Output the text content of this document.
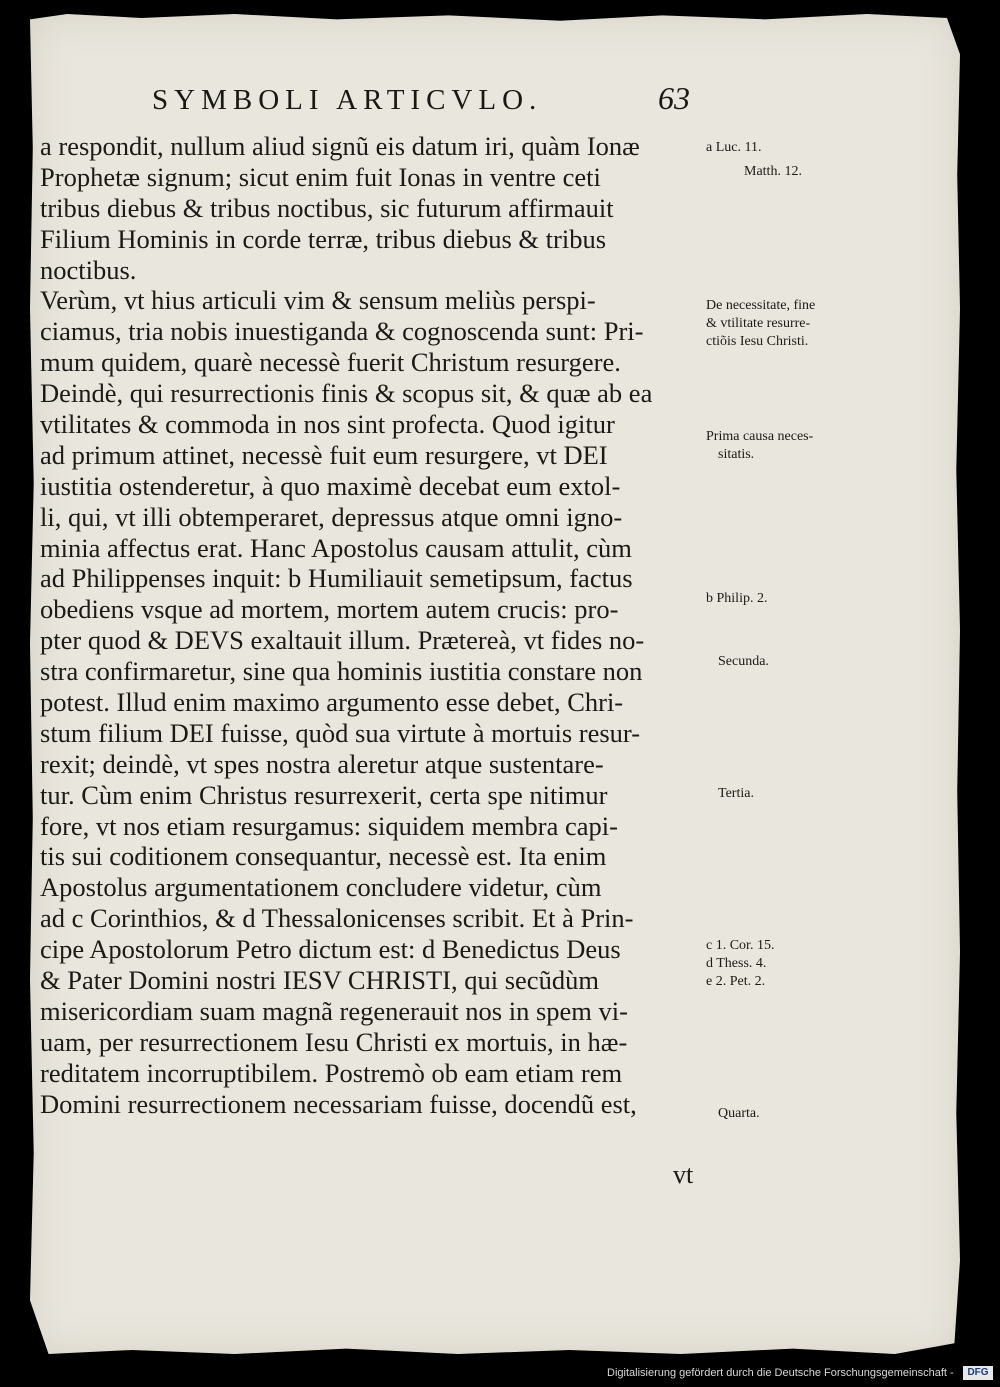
SYMBOLI ARTICVLO.	63
a respondit, nullum aliud signũ eis datum iri, quàm Ionæ
Prophetæ signum; sicut enim fuit Ionas in ventre ceti
tribus diebus & tribus noctibus, sic futurum affirmauit
Filium Hominis in corde terræ, tribus diebus & tribus
noctibus.
Verùm, vt hius articuli vim & sensum meliùs perspi-
ciamus, tria nobis inuestiganda & cognoscenda sunt: Pri-
mum quidem, quarè necessè fuerit Christum resurgere.
Deindè, qui resurrectionis finis & scopus sit, & quæ ab ea
vtilitates & commoda in nos sint profecta. Quod igitur
ad primum attinet, necessè fuit eum resurgere, vt DEI
iustitia ostenderetur, à quo maximè decebat eum extol-
li, qui, vt illi obtemperaret, depressus atque omni igno-
minia affectus erat. Hanc Apostolus causam attulit, cùm
ad Philippenses inquit: b Humiliauit semetipsum, factus
obediens vsque ad mortem, mortem autem crucis: pro-
pter quod & DEVS exaltauit illum. Prætereà, vt fides no-
stra confirmaretur, sine qua hominis iustitia constare non
potest. Illud enim maximo argumento esse debet, Chri-
stum filium DEI fuisse, quòd sua virtute à mortuis resur-
rexit; deindè, vt spes nostra aleretur atque sustentare-
tur. Cùm enim Christus resurrexerit, certa spe nitimur
fore, vt nos etiam resurgamus: siquidem membra capi-
tis sui coditionem consequantur, necessè est. Ita enim
Apostolus argumentationem concludere videtur, cùm
ad c Corinthios, & d Thessalonicenses scribit. Et à Prin-
cipe Apostolorum Petro dictum est: d Benedictus Deus
& Pater Domini nostri IESV CHRISTI, qui secũdùm
misericordiam suam magnã regenerauit nos in spem vi-
uam, per resurrectionem Iesu Christi ex mortuis, in hæ-
reditatem incorruptibilem. Postremò ob eam etiam rem
Domini resurrectionem necessariam fuisse, docendũ est,
vt
a Luc. 11.
Matth. 12.
De necessitate, fine
& vtilitate resurre-
ctiõis Iesu Christi.
Prima causa neces-
sitatis.
b Philip. 2.
Secunda.
Tertia.
c 1. Cor. 15.
d Thess. 4.
e 2. Pet. 2.
Quarta.
Digitalisierung gefördert durch die Deutsche Forschungsgemeinschaft -	DFG
